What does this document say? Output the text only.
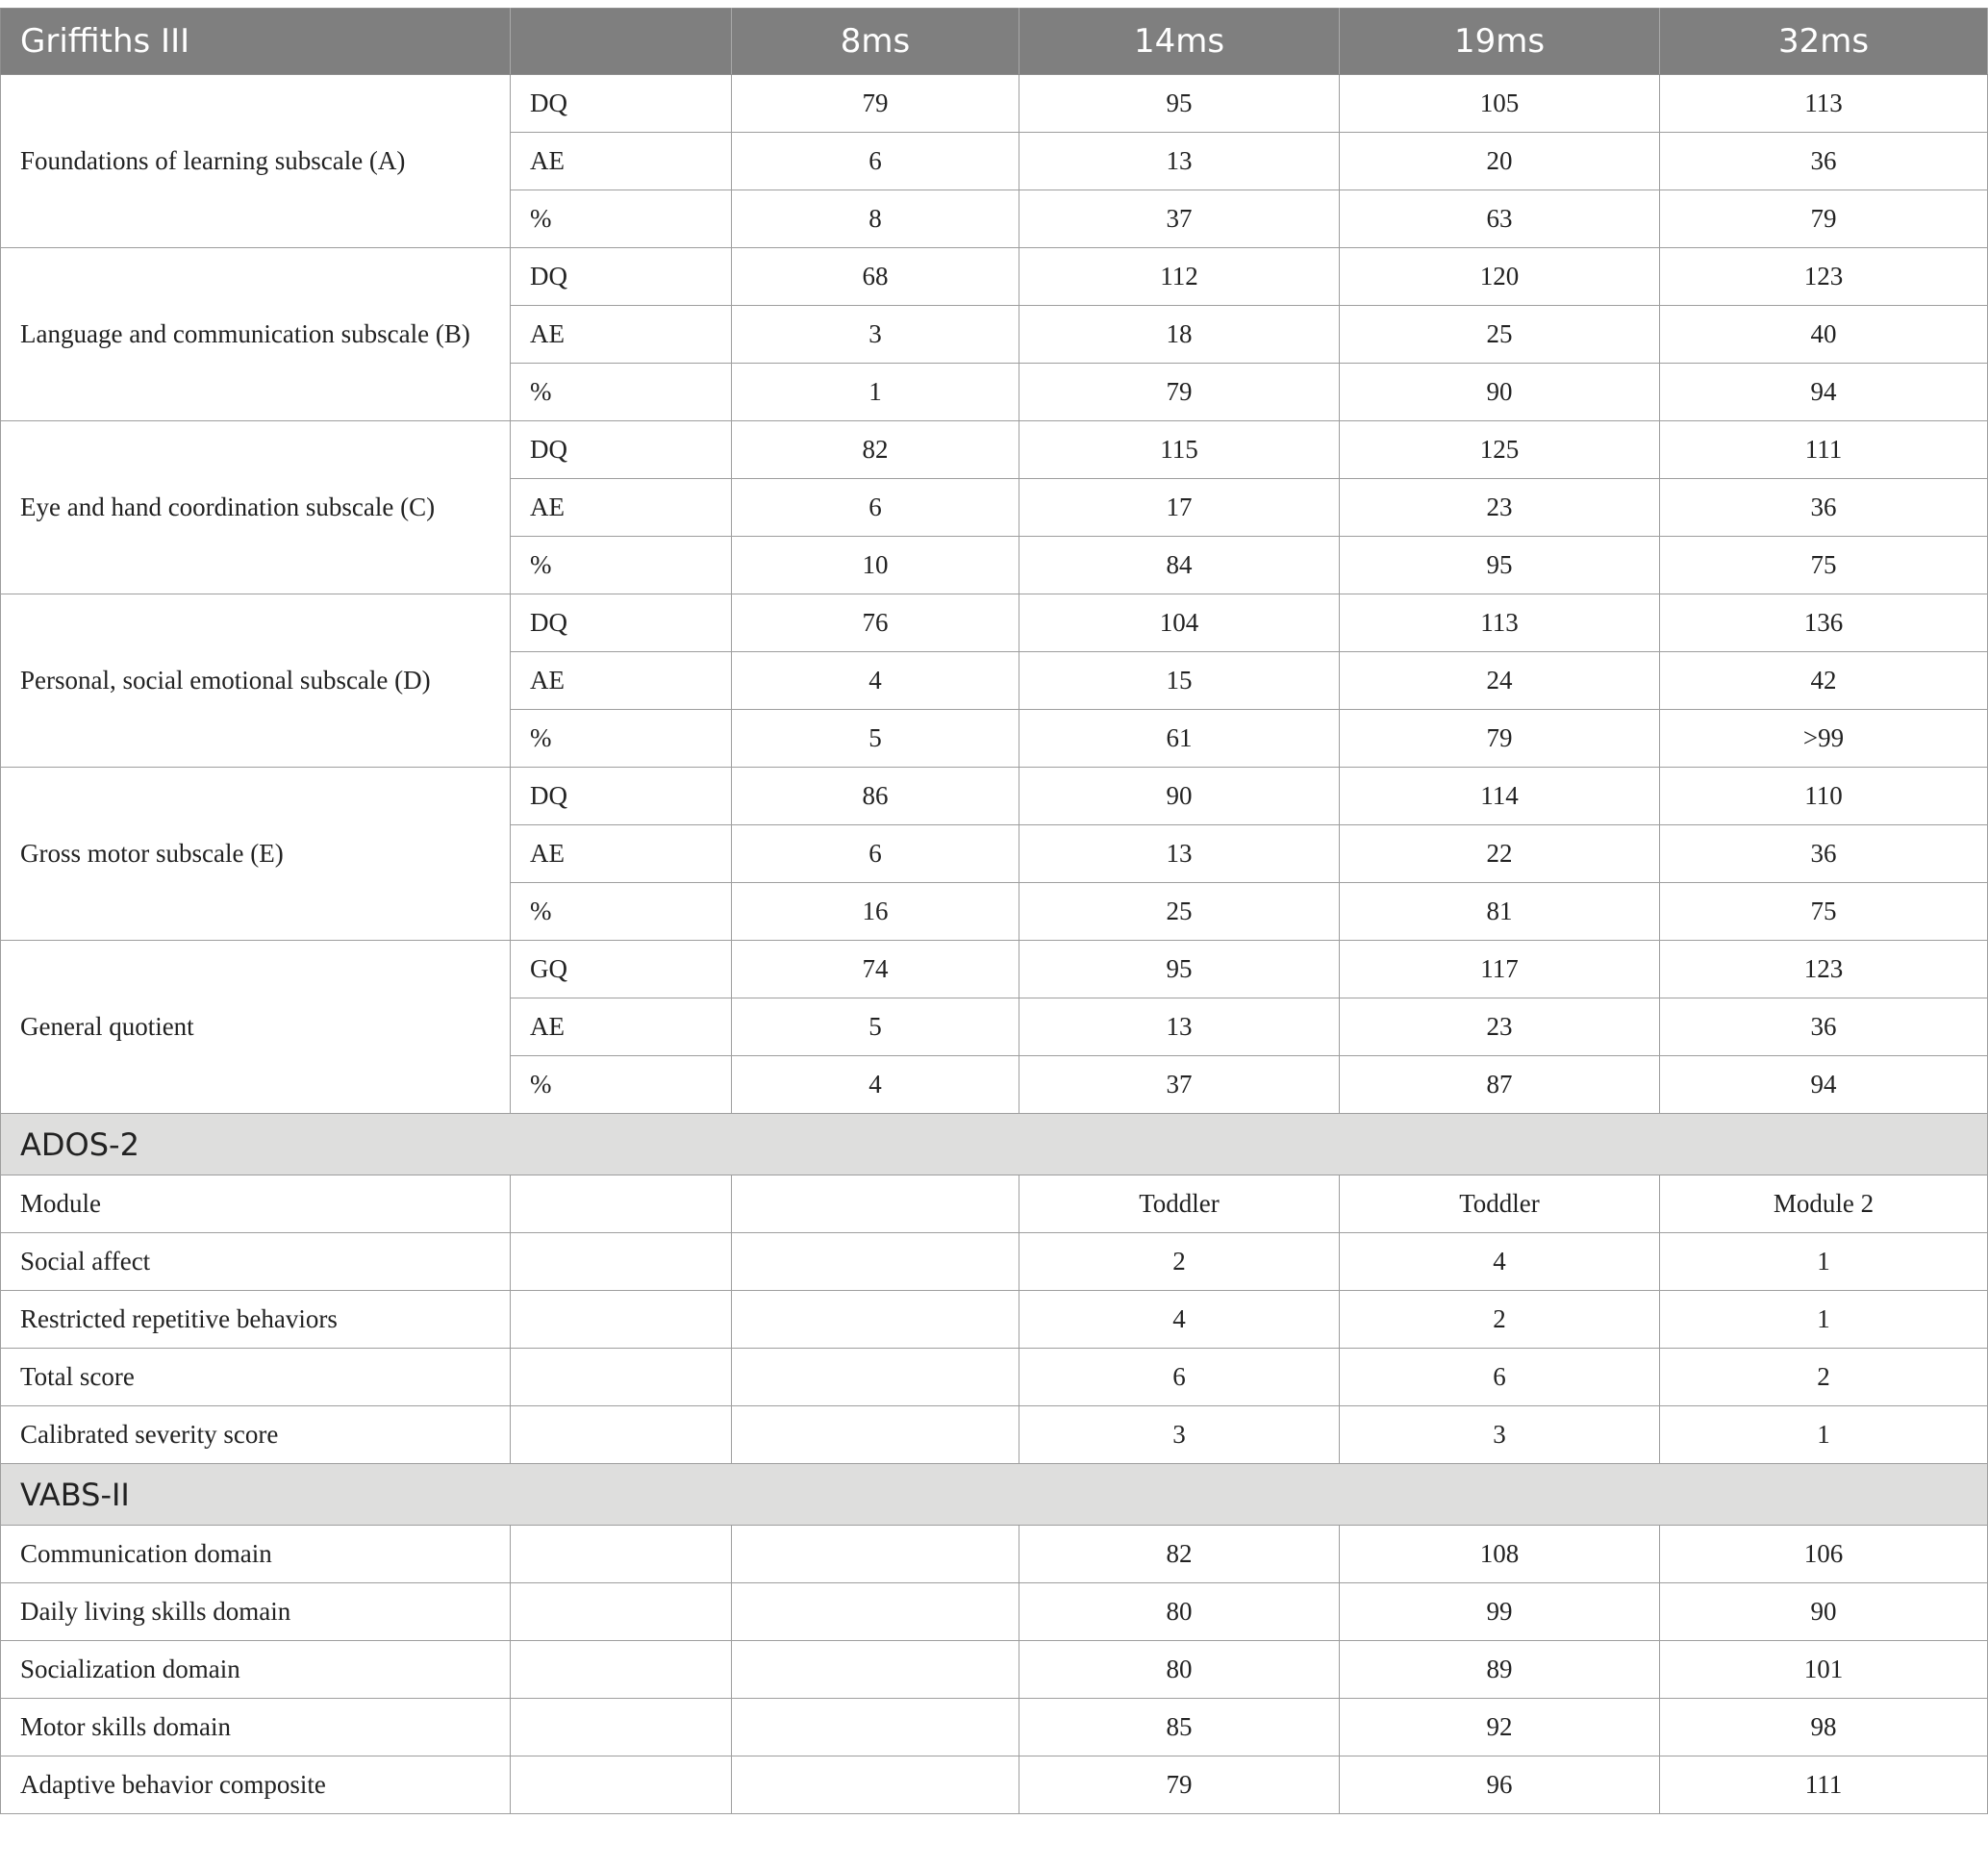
Griffiths III		8ms	14ms	19ms	32ms
Foundations of learning subscale (A)	DQ	79	95	105	113
	AE	6	13	20	36
	%	8	37	63	79
Language and communication subscale (B)	DQ	68	112	120	123
	AE	3	18	25	40
	%	1	79	90	94
Eye and hand coordination subscale (C)	DQ	82	115	125	111
	AE	6	17	23	36
	%	10	84	95	75
Personal, social emotional subscale (D)	DQ	76	104	113	136
	AE	4	15	24	42
	%	5	61	79	>99
Gross motor subscale (E)	DQ	86	90	114	110
	AE	6	13	22	36
	%	16	25	81	75
General quotient	GQ	74	95	117	123
	AE	5	13	23	36
	%	4	37	87	94
ADOS-2					
Module			Toddler	Toddler	Module 2
Social affect			2	4	1
Restricted repetitive behaviors			4	2	1
Total score			6	6	2
Calibrated severity score			3	3	1
VABS-II					
Communication domain			82	108	106
Daily living skills domain			80	99	90
Socialization domain			80	89	101
Motor skills domain			85	92	98
Adaptive behavior composite			79	96	111
